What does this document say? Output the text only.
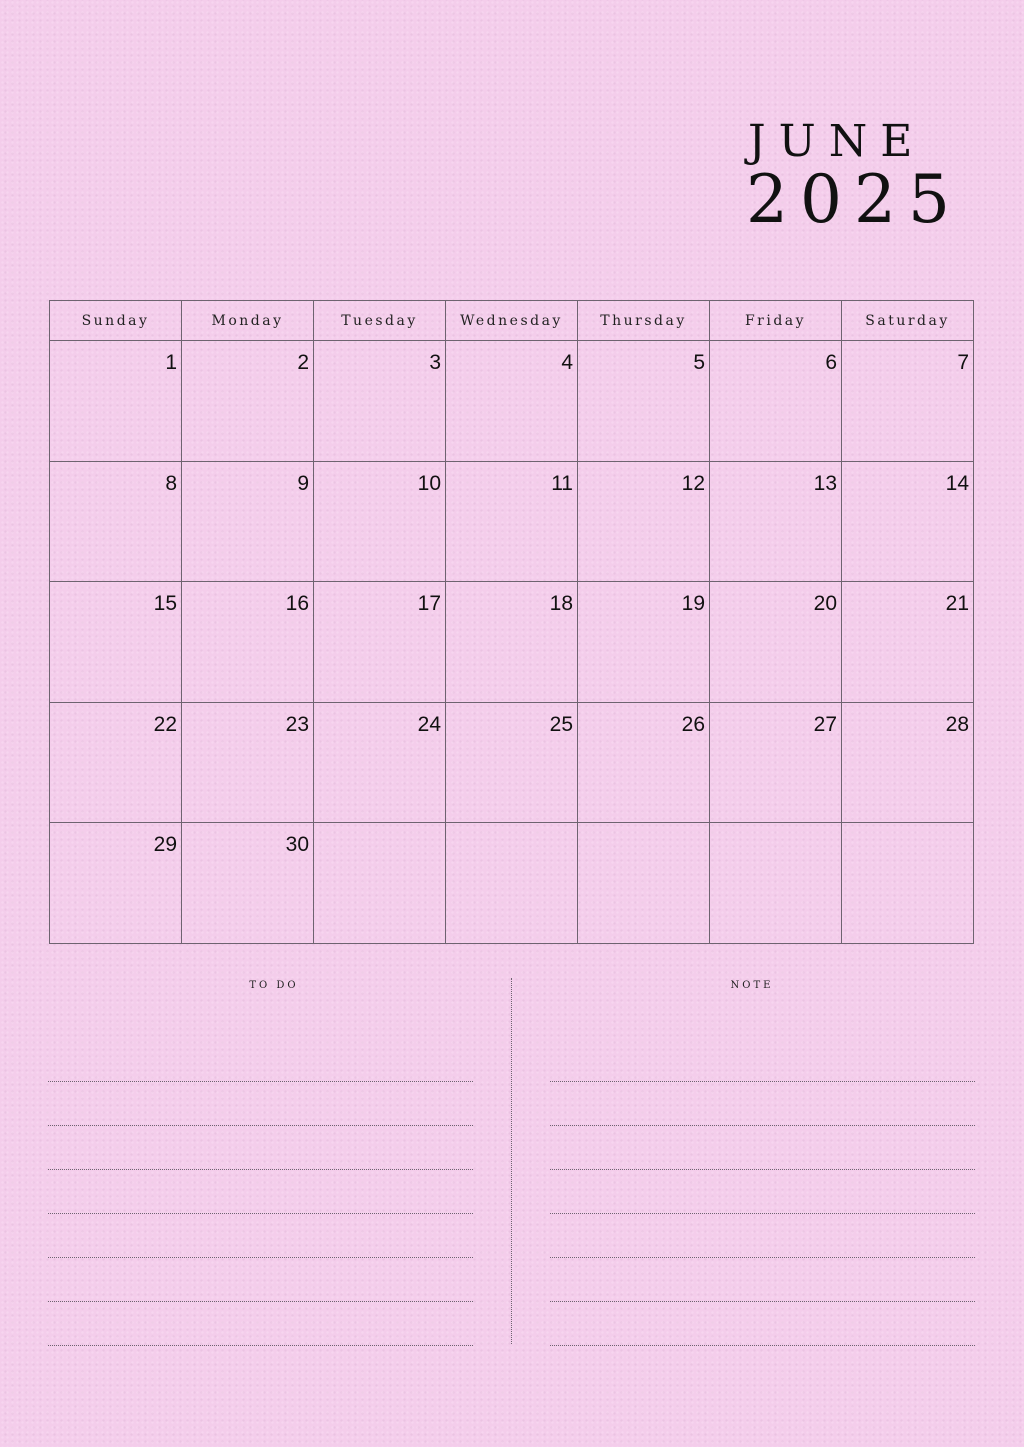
JUNE
2025
Sunday	Monday	Tuesday	Wednesday	Thursday	Friday	Saturday
1	2	3	4	5	6	7
8	9	10	11	12	13	14
15	16	17	18	19	20	21
22	23	24	25	26	27	28
29	30					
TO DO	NOTE
